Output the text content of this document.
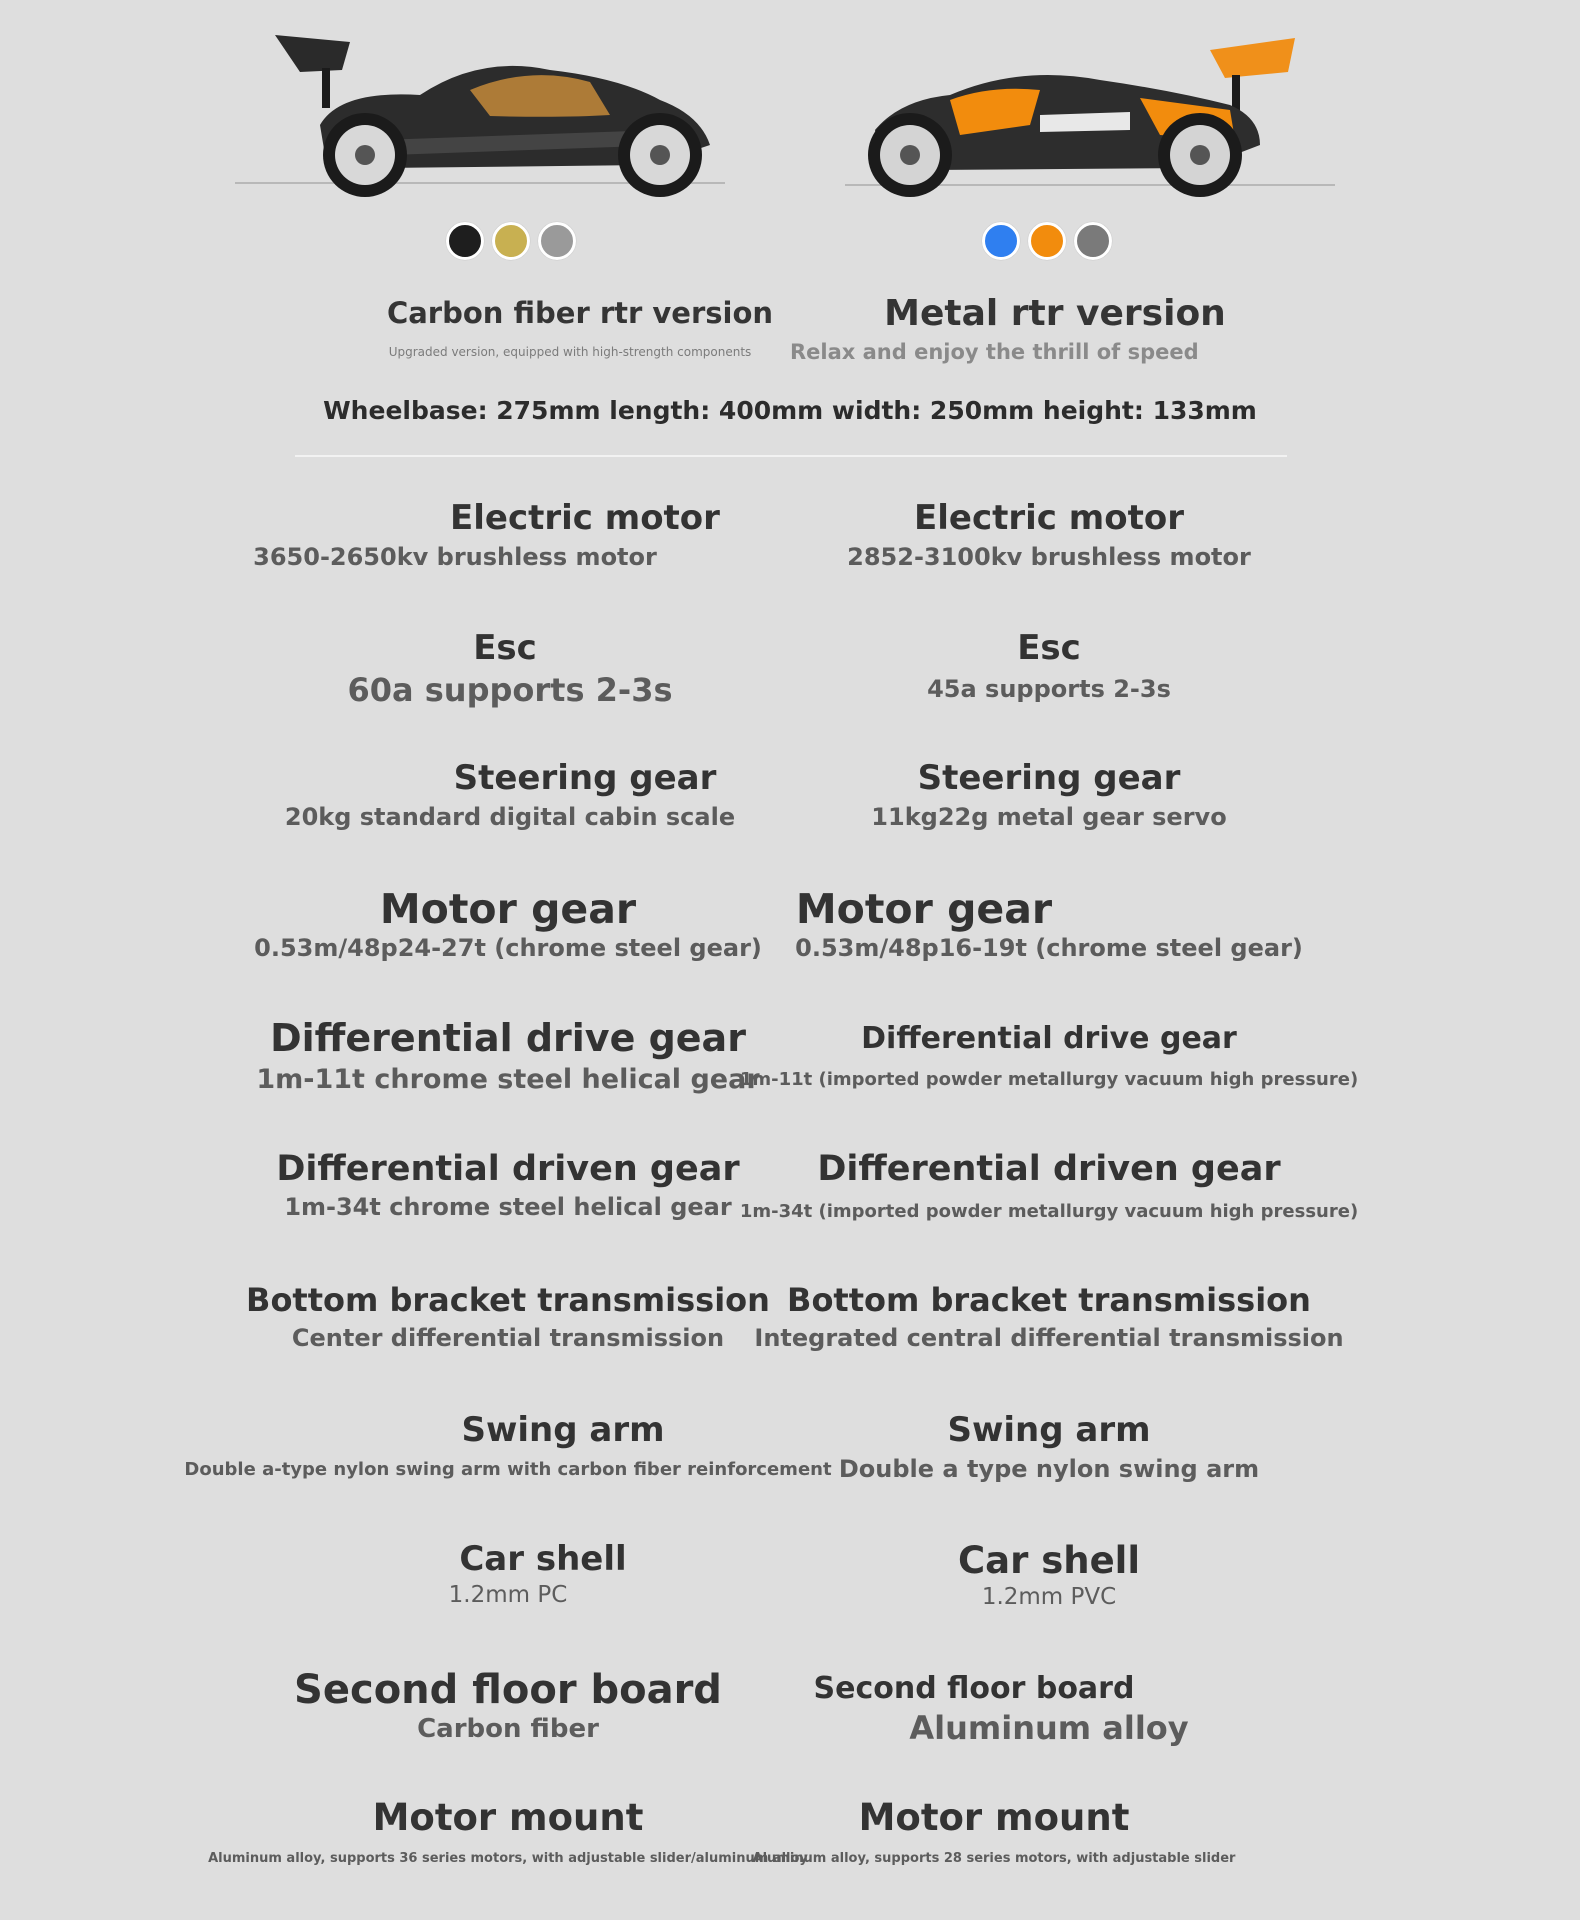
Carbon fiber rtr version
Upgraded version, equipped with high-strength components
Metal rtr version
Relax and enjoy the thrill of speed
Wheelbase: 275mm length: 400mm width: 250mm height: 133mm
Electric motor
3650-2650kv brushless motor
Electric motor
2852-3100kv brushless motor
Esc
60a supports 2-3s
Esc
45a supports 2-3s
Steering gear
20kg standard digital cabin scale
Steering gear
11kg22g metal gear servo
Motor gear
0.53m/48p24-27t (chrome steel gear)
Motor gear
0.53m/48p16-19t (chrome steel gear)
Differential drive gear
1m-11t chrome steel helical gear
Differential drive gear
1m-11t (imported powder metallurgy vacuum high pressure)
Differential driven gear
1m-34t chrome steel helical gear
Differential driven gear
1m-34t (imported powder metallurgy vacuum high pressure)
Bottom bracket transmission
Center differential transmission
Bottom bracket transmission
Integrated central differential transmission
Swing arm
Double a-type nylon swing arm with carbon fiber reinforcement
Swing arm
Double a type nylon swing arm
Car shell
1.2mm PC
Car shell
1.2mm PVC
Second floor board
Carbon fiber
Second floor board
Aluminum alloy
Motor mount
Aluminum alloy, supports 36 series motors, with adjustable slider/aluminum alloy
Motor mount
Aluminum alloy, supports 28 series motors, with adjustable slider
